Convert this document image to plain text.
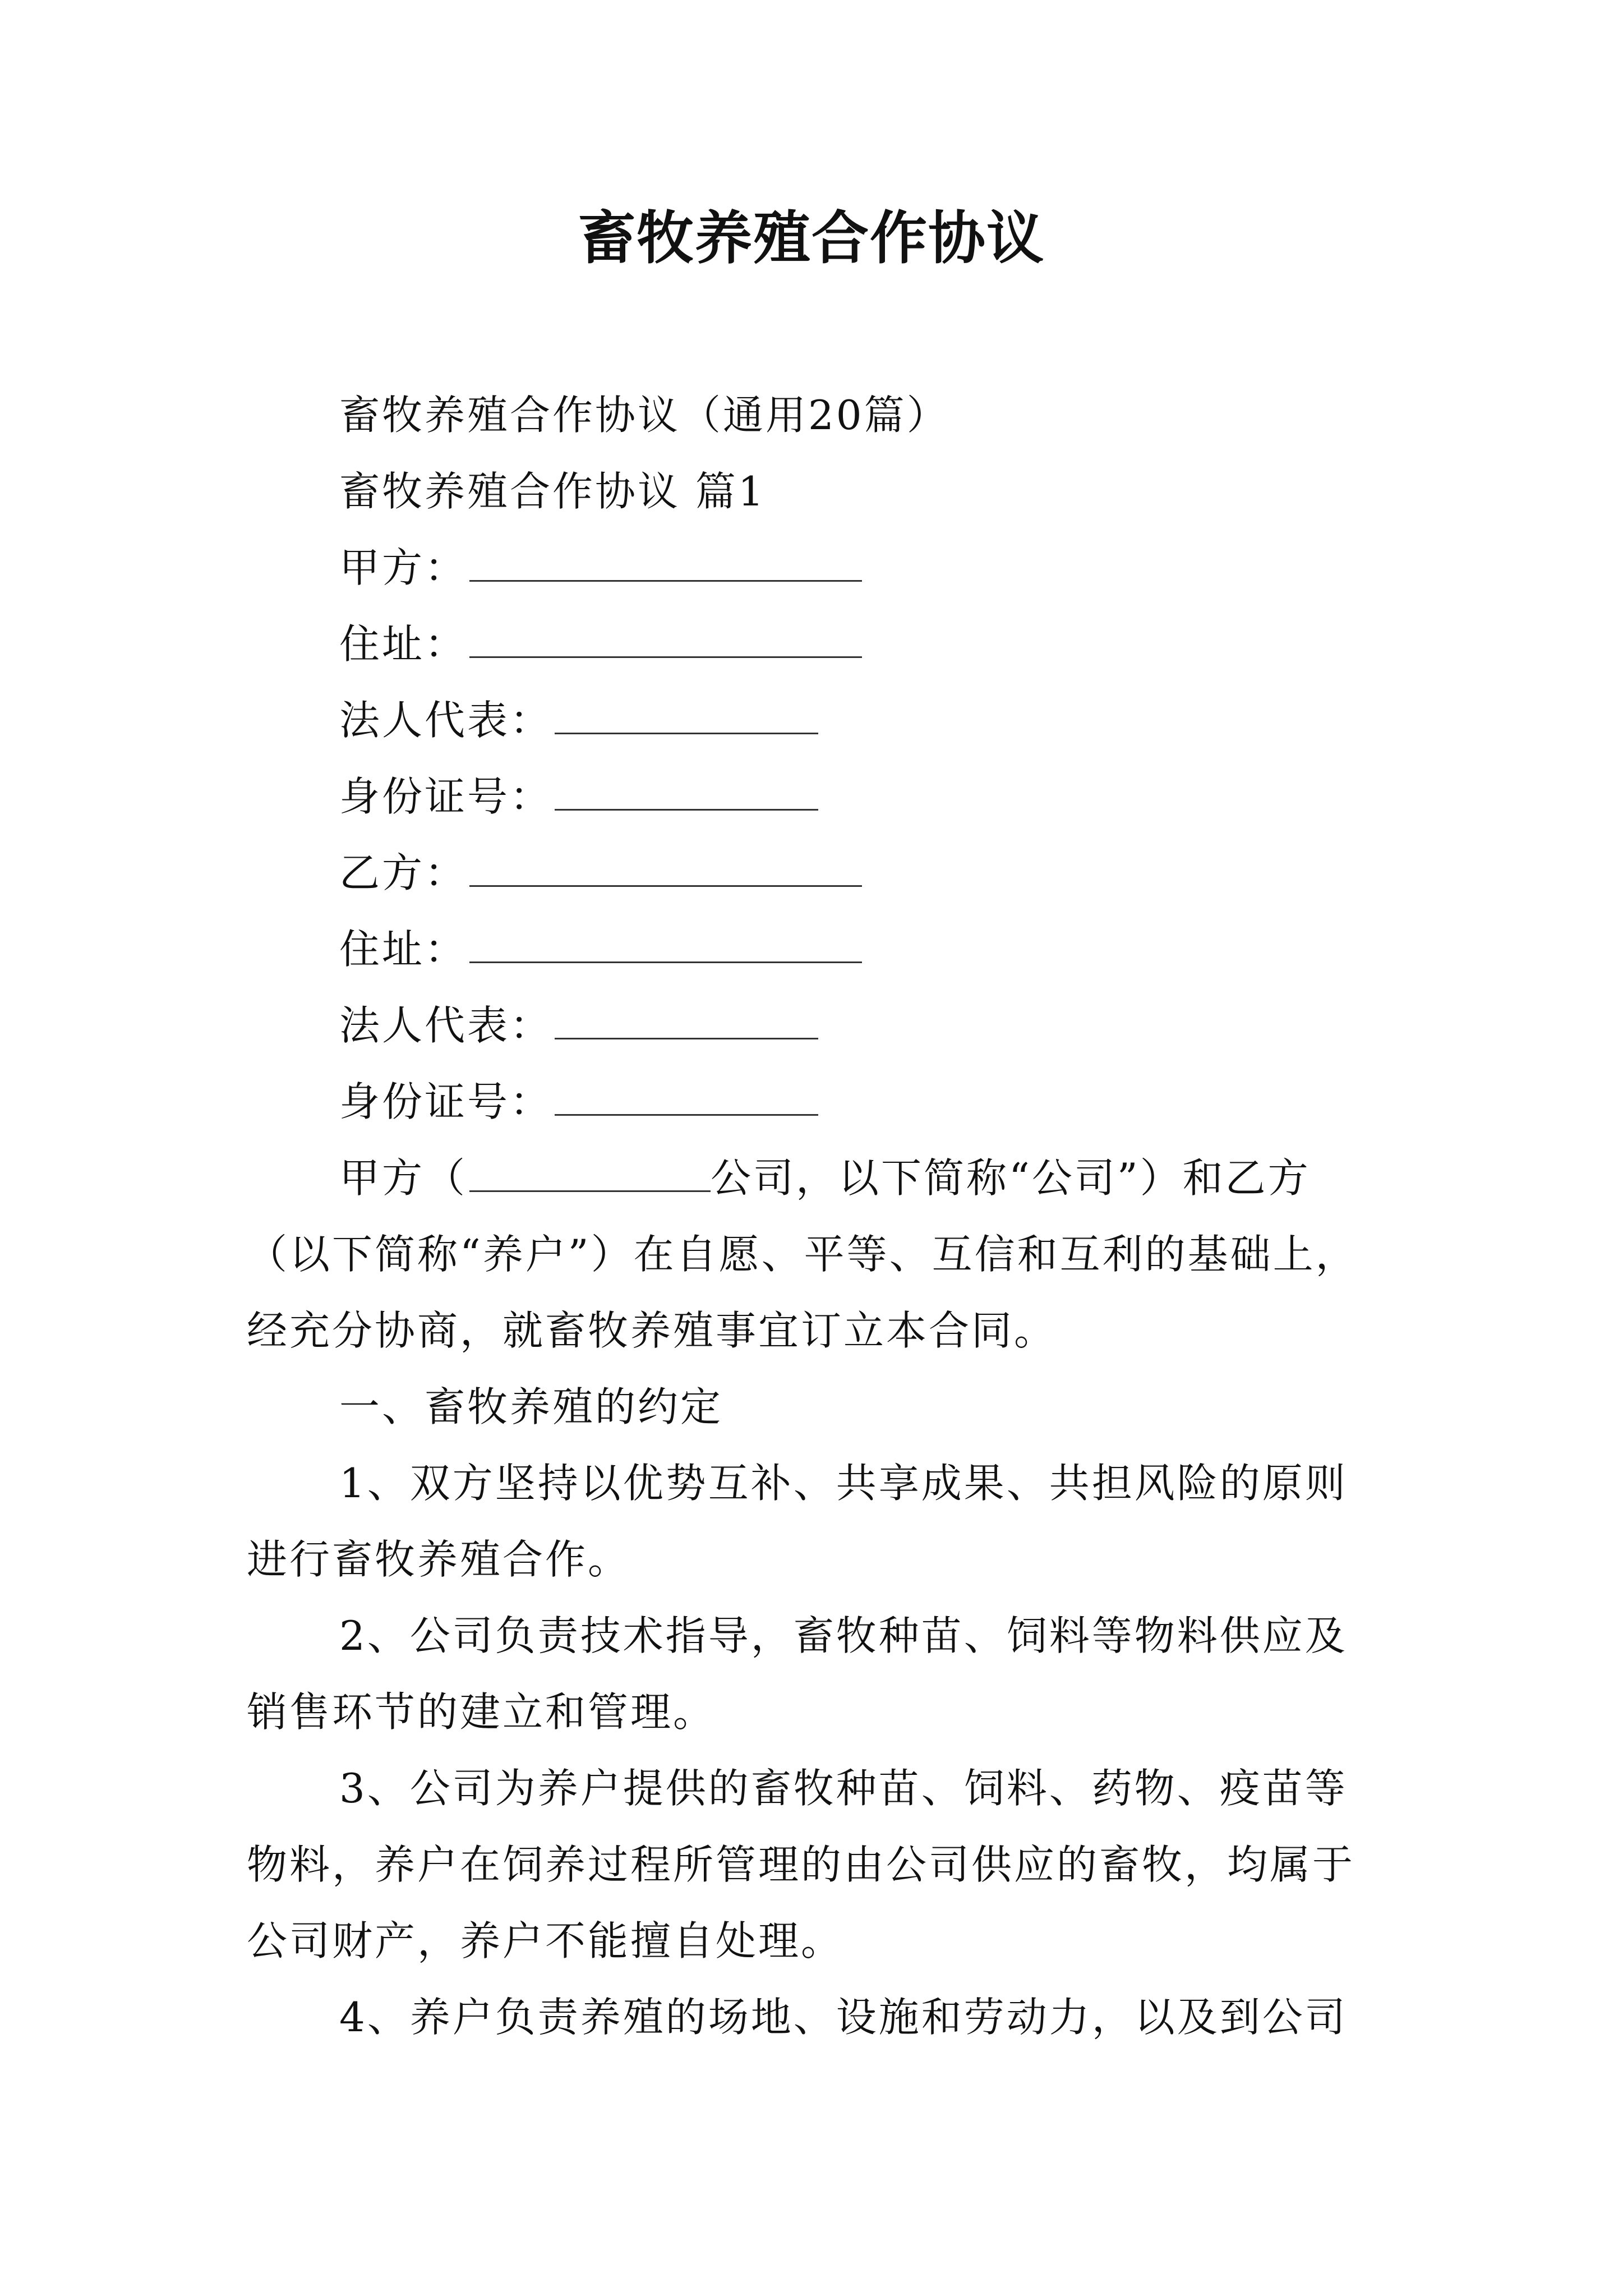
畜牧养殖合作协议

畜牧养殖合作协议（通用20篇）

畜牧养殖合作协议 篇1

甲方：

住址：

法人代表：

身份证号：

乙方：

住址：

法人代表：

身份证号：

甲方（	公司，以下简称“公司”）和乙方

（以下简称“养户”）在自愿、平等、互信和互利的基础上，

经充分协商，就畜牧养殖事宜订立本合同。

一、畜牧养殖的约定

1、双方坚持以优势互补、共享成果、共担风险的原则

进行畜牧养殖合作。

2、公司负责技术指导，畜牧种苗、饲料等物料供应及

销售环节的建立和管理。

3、公司为养户提供的畜牧种苗、饲料、药物、疫苗等

物料，养户在饲养过程所管理的由公司供应的畜牧，均属于

公司财产，养户不能擅自处理。

4、养户负责养殖的场地、设施和劳动力，以及到公司
